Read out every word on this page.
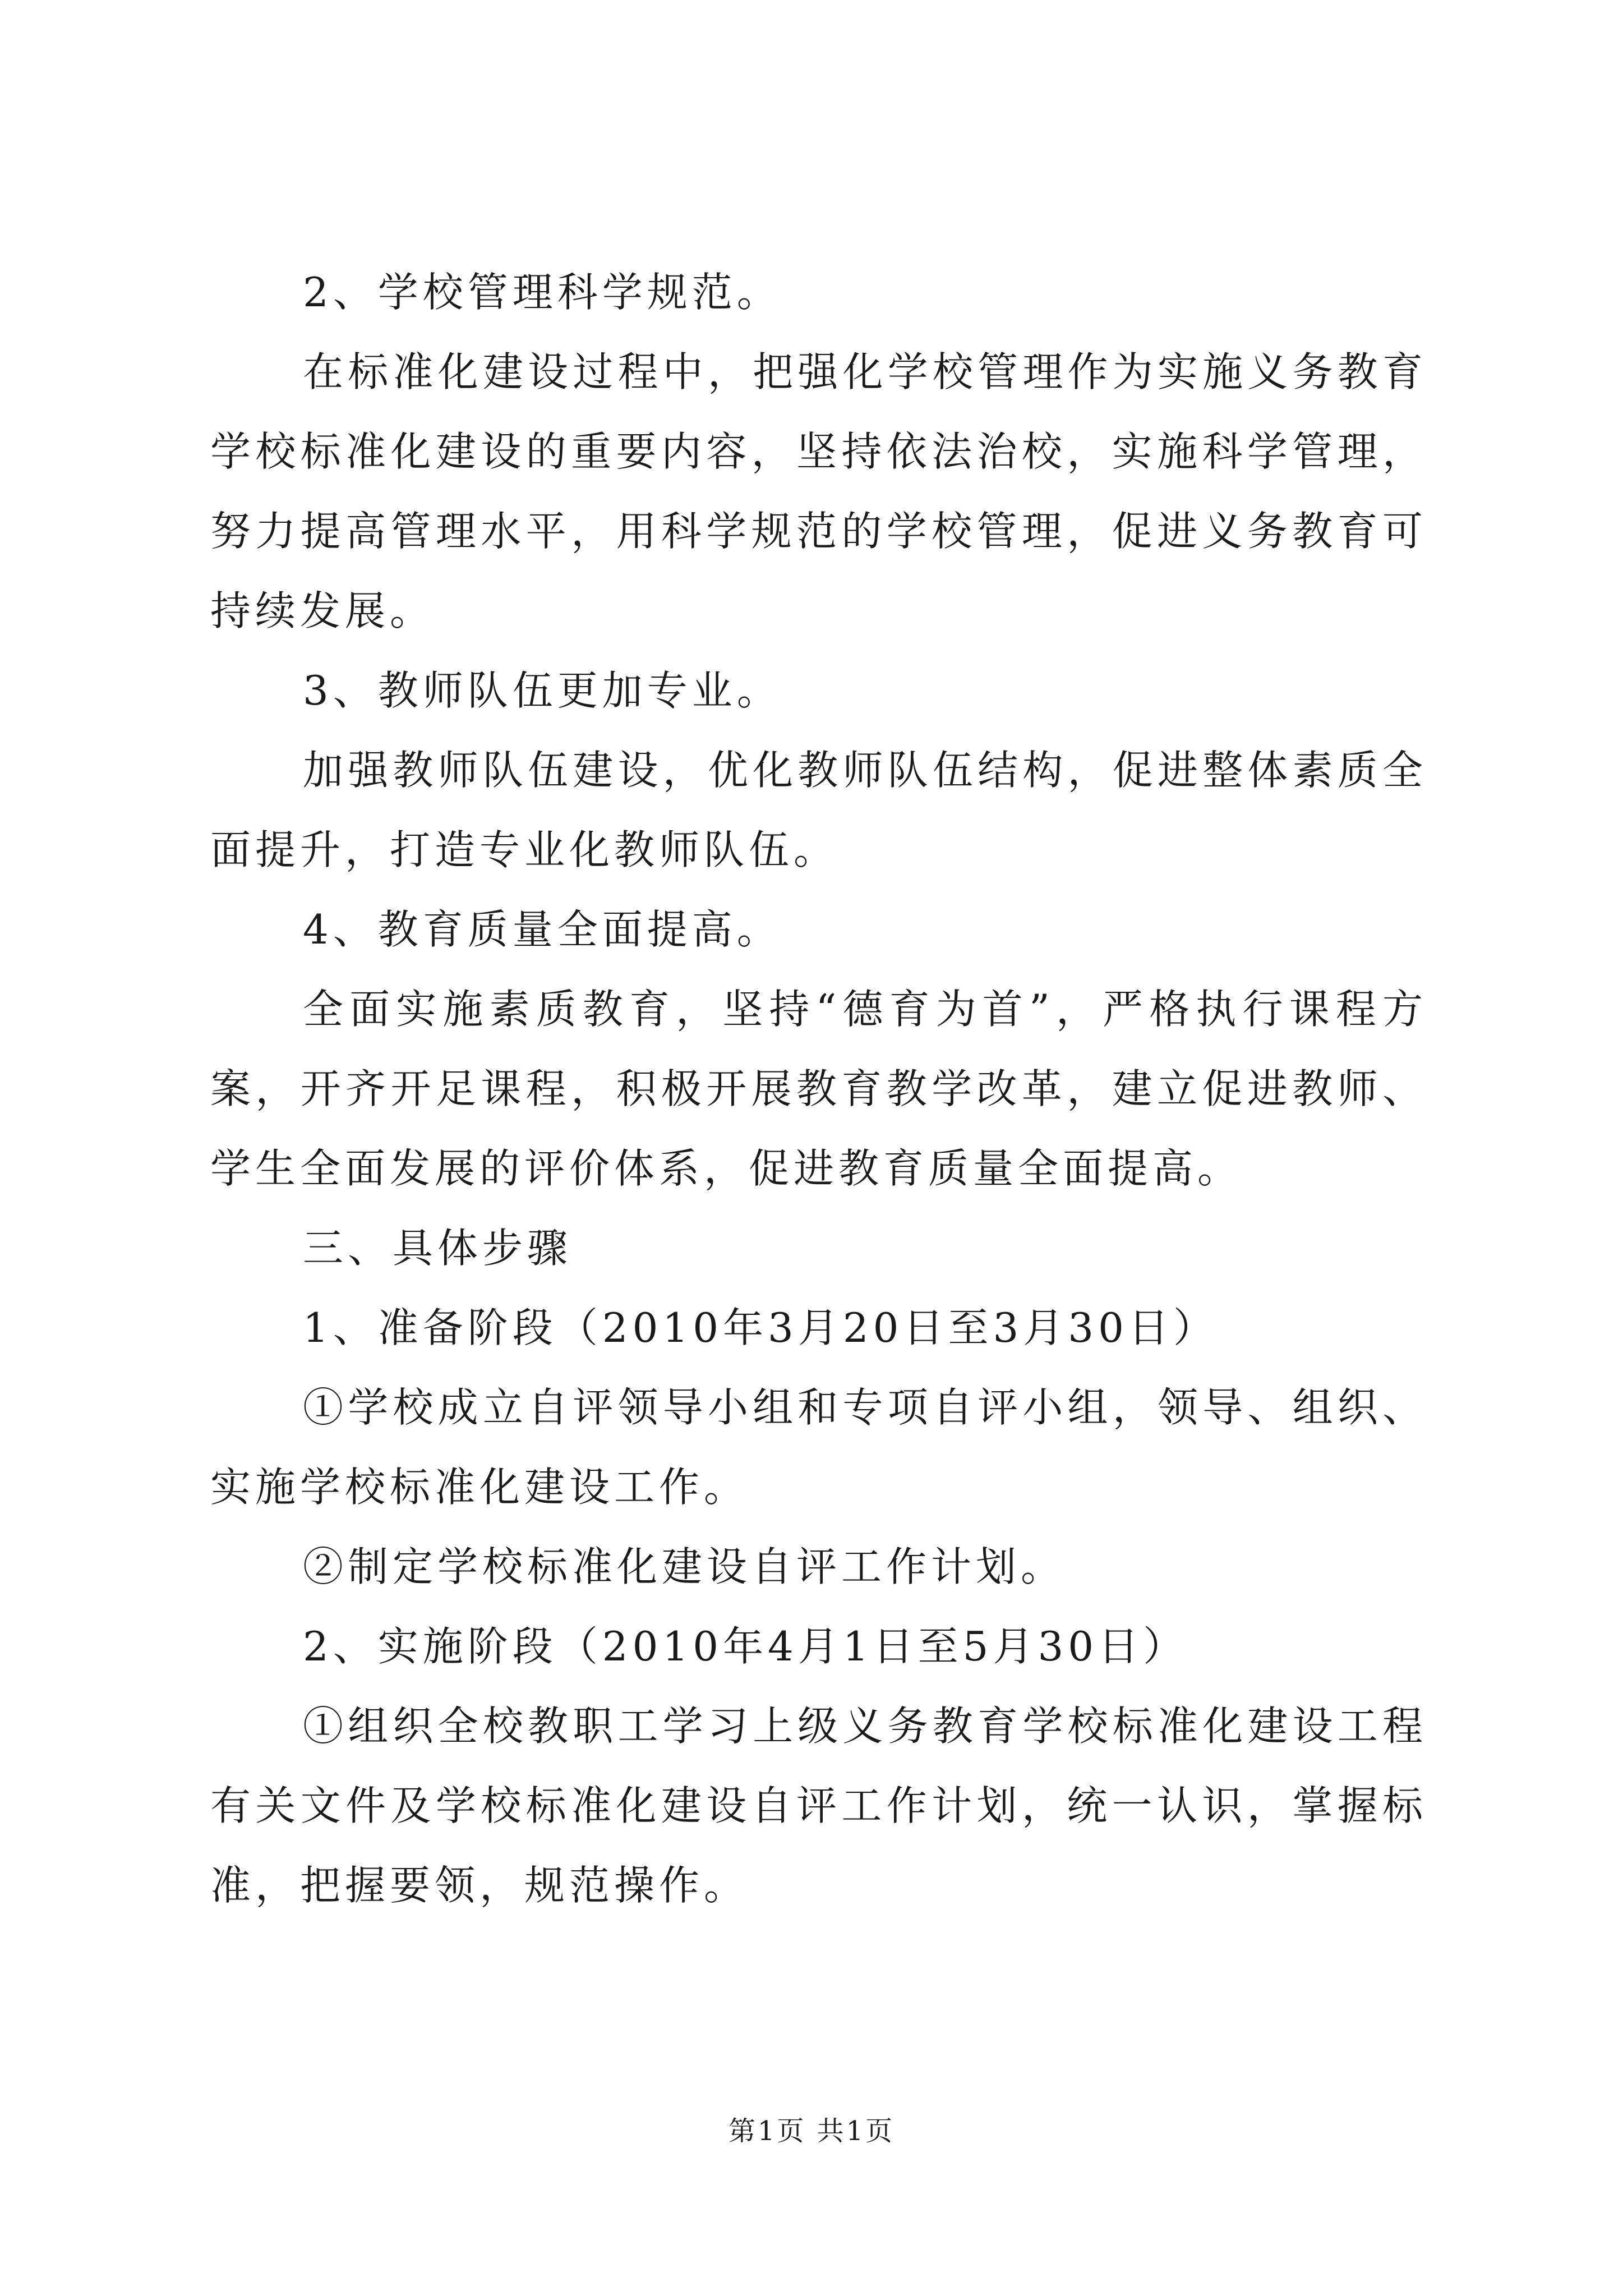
2、学校管理科学规范。

在标准化建设过程中，把强化学校管理作为实施义务教育学校标准化建设的重要内容，坚持依法治校，实施科学管理，努力提高管理水平，用科学规范的学校管理，促进义务教育可持续发展。

3、教师队伍更加专业。

加强教师队伍建设，优化教师队伍结构，促进整体素质全面提升，打造专业化教师队伍。

4、教育质量全面提高。

全面实施素质教育，坚持“德育为首”，严格执行课程方案，开齐开足课程，积极开展教育教学改革，建立促进教师、学生全面发展的评价体系，促进教育质量全面提高。

三、具体步骤

1、准备阶段（2010年3月20日至3月30日）

①学校成立自评领导小组和专项自评小组，领导、组织、实施学校标准化建设工作。

②制定学校标准化建设自评工作计划。

2、实施阶段（2010年4月1日至5月30日）

①组织全校教职工学习上级义务教育学校标准化建设工程有关文件及学校标准化建设自评工作计划，统一认识，掌握标准，把握要领，规范操作。

第1页 共1页
